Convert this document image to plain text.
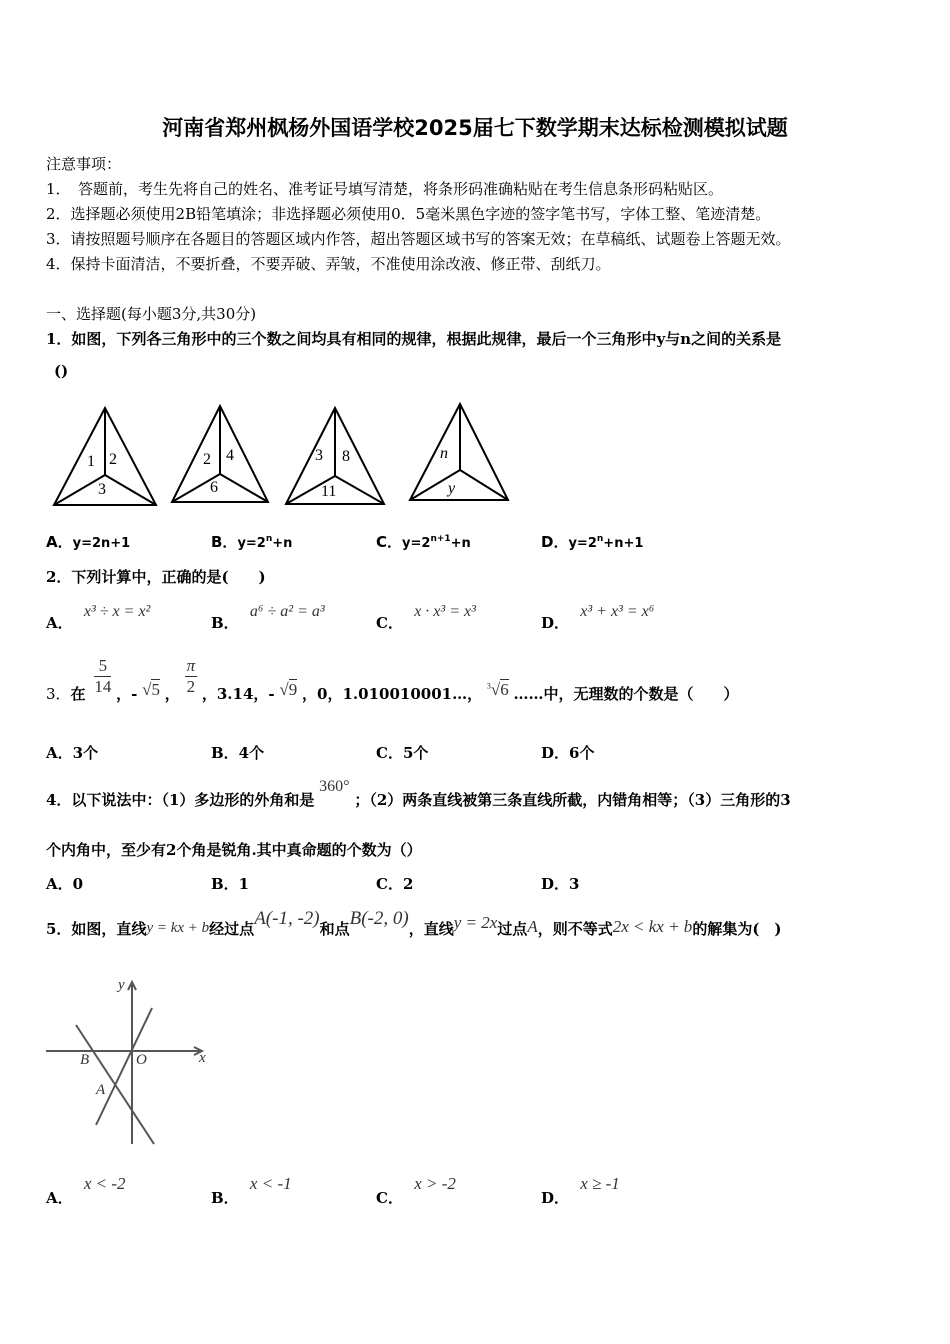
河南省郑州枫杨外国语学校2025届七下数学期末达标检测模拟试题
注意事项：
1．　答题前，考生先将自己的姓名、准考证号填写清楚，将条形码准确粘贴在考生信息条形码粘贴区。
2．选择题必须使用2B铅笔填涂；非选择题必须使用0．5毫米黑色字迹的签字笔书写，字体工整、笔迹清楚。
3．请按照题号顺序在各题目的答题区域内作答，超出答题区域书写的答案无效；在草稿纸、试题卷上答题无效。
4．保持卡面清洁，不要折叠，不要弄破、弄皱，不准使用涂改液、修正带、刮纸刀。
一、选择题(每小题3分,共30分)
1．如图，下列各三角形中的三个数之间均具有相同的规律，根据此规律，最后一个三角形中y与n之间的关系是
()
1 2
3
2 4
6
3 8
11
n
y
A．y=2n+1	B．$y=2^n+n$	C．$y=2^{n+1}+n$	D．$y=2^n+n+1$
2．下列计算中，正确的是(　　)
A． x³ ÷ x = x²
B． a⁶ ÷ a² = a³
C． x · x³ = x³
D． x³ + x³ = x⁶
3．在 $\frac{5}{14}$ ，- √5 ， $\frac{\pi}{2}$ ，3.14，- √9 ，0，1.010010001…， $^3$√6 ……中，无理数的个数是（　　）
A．3个	B．4个	C．5个	D．6个
4．以下说法中：（1）多边形的外角和是 360° ；（2）两条直线被第三条直线所截，内错角相等；（3）三角形的3
个内角中，至少有2个角是锐角.其中真命题的个数为（）
A．0	B．1	C．2	D．3
5．如图，直线y = kx + b经过点A(-1, -2)和点B(-2, 0)，直线y = 2x过点A，则不等式2x < kx + b的解集为(　)
y
x
O
B
A
A． x < -2
B． x < -1
C． x > -2
D． x ≥ -1
